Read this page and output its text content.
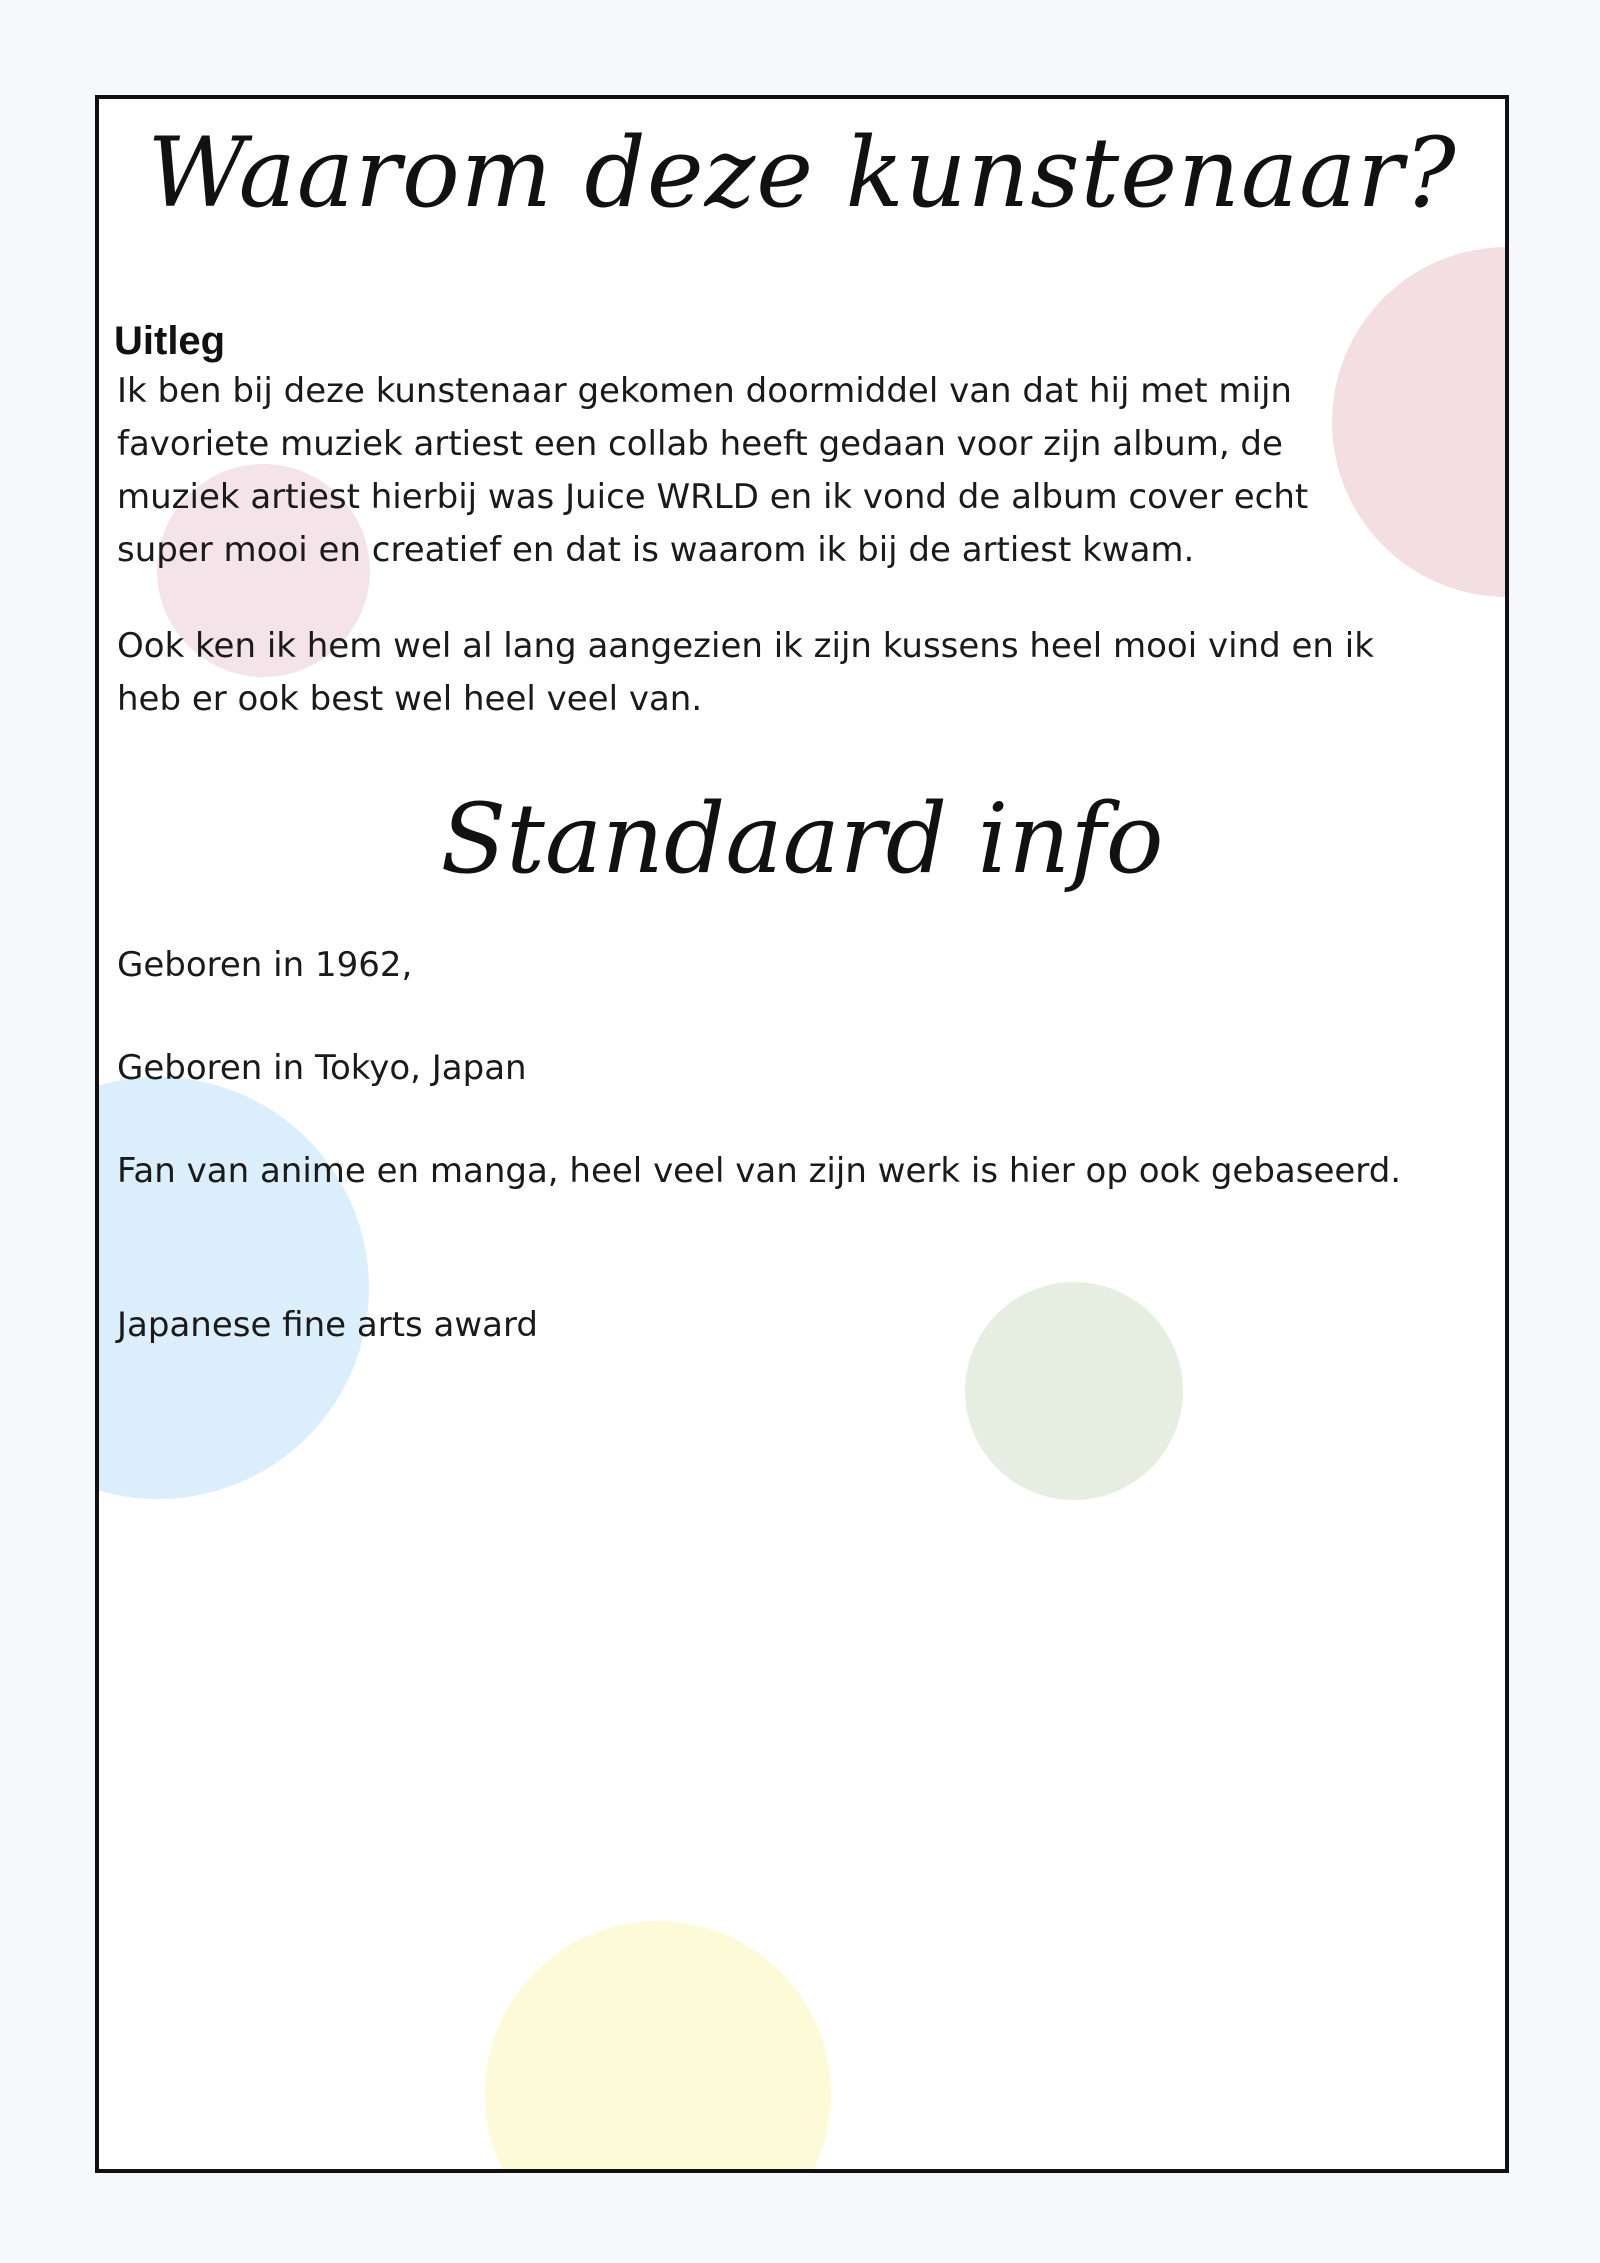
Waarom deze kunstenaar?
Uitleg

Ik ben bij deze kunstenaar gekomen doormiddel van dat hij met mijn favoriete muziek artiest een collab heeft gedaan voor zijn album, de muziek artiest hierbij was Juice WRLD en ik vond de album cover echt super mooi en creatief en dat is waarom ik bij de artiest kwam.

Ook ken ik hem wel al lang aangezien ik zijn kussens heel mooi vind en ik heb er ook best wel heel veel van.

Standaard info

Geboren in 1962,

Geboren in Tokyo, Japan

Fan van anime en manga, heel veel van zijn werk is hier op ook gebaseerd.

Japanese fine arts award
